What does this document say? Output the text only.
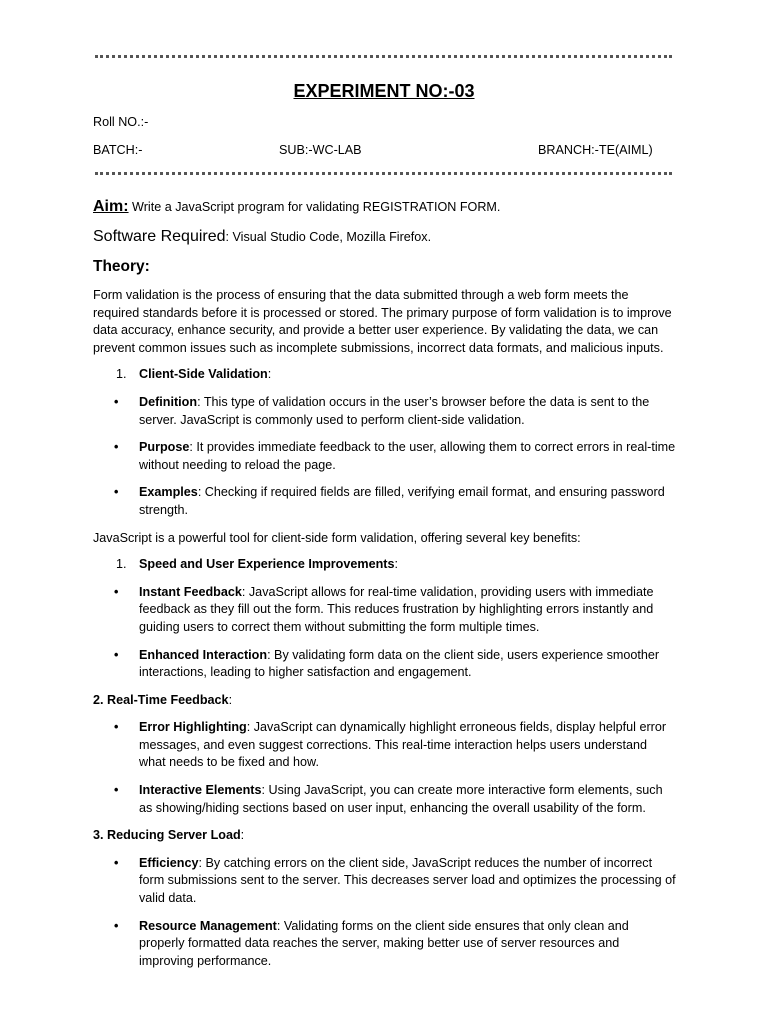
EXPERIMENT NO:-03
Roll NO.:-
BATCH:-	SUB:-WC-LAB	BRANCH:-TE(AIML)
Aim: Write a JavaScript program for validating REGISTRATION FORM.
Software Required: Visual Studio Code, Mozilla Firefox.
Theory:

Form validation is the process of ensuring that the data submitted through a web form meets the required standards before it is processed or stored. The primary purpose of form validation is to improve data accuracy, enhance security, and provide a better user experience. By validating the data, we can prevent common issues such as incomplete submissions, incorrect data formats, and malicious inputs.

1. Client-Side Validation:
• Definition: This type of validation occurs in the user’s browser before the data is sent to the server. JavaScript is commonly used to perform client-side validation.
• Purpose: It provides immediate feedback to the user, allowing them to correct errors in real-time without needing to reload the page.
• Examples: Checking if required fields are filled, verifying email format, and ensuring password strength.

JavaScript is a powerful tool for client-side form validation, offering several key benefits:

1. Speed and User Experience Improvements:
• Instant Feedback: JavaScript allows for real-time validation, providing users with immediate feedback as they fill out the form. This reduces frustration by highlighting errors instantly and guiding users to correct them without submitting the form multiple times.
• Enhanced Interaction: By validating form data on the client side, users experience smoother interactions, leading to higher satisfaction and engagement.
2. Real-Time Feedback:
• Error Highlighting: JavaScript can dynamically highlight erroneous fields, display helpful error messages, and even suggest corrections. This real-time interaction helps users understand what needs to be fixed and how.
• Interactive Elements: Using JavaScript, you can create more interactive form elements, such as showing/hiding sections based on user input, enhancing the overall usability of the form.
3. Reducing Server Load:
• Efficiency: By catching errors on the client side, JavaScript reduces the number of incorrect form submissions sent to the server. This decreases server load and optimizes the processing of valid data.
• Resource Management: Validating forms on the client side ensures that only clean and properly formatted data reaches the server, making better use of server resources and improving performance.
